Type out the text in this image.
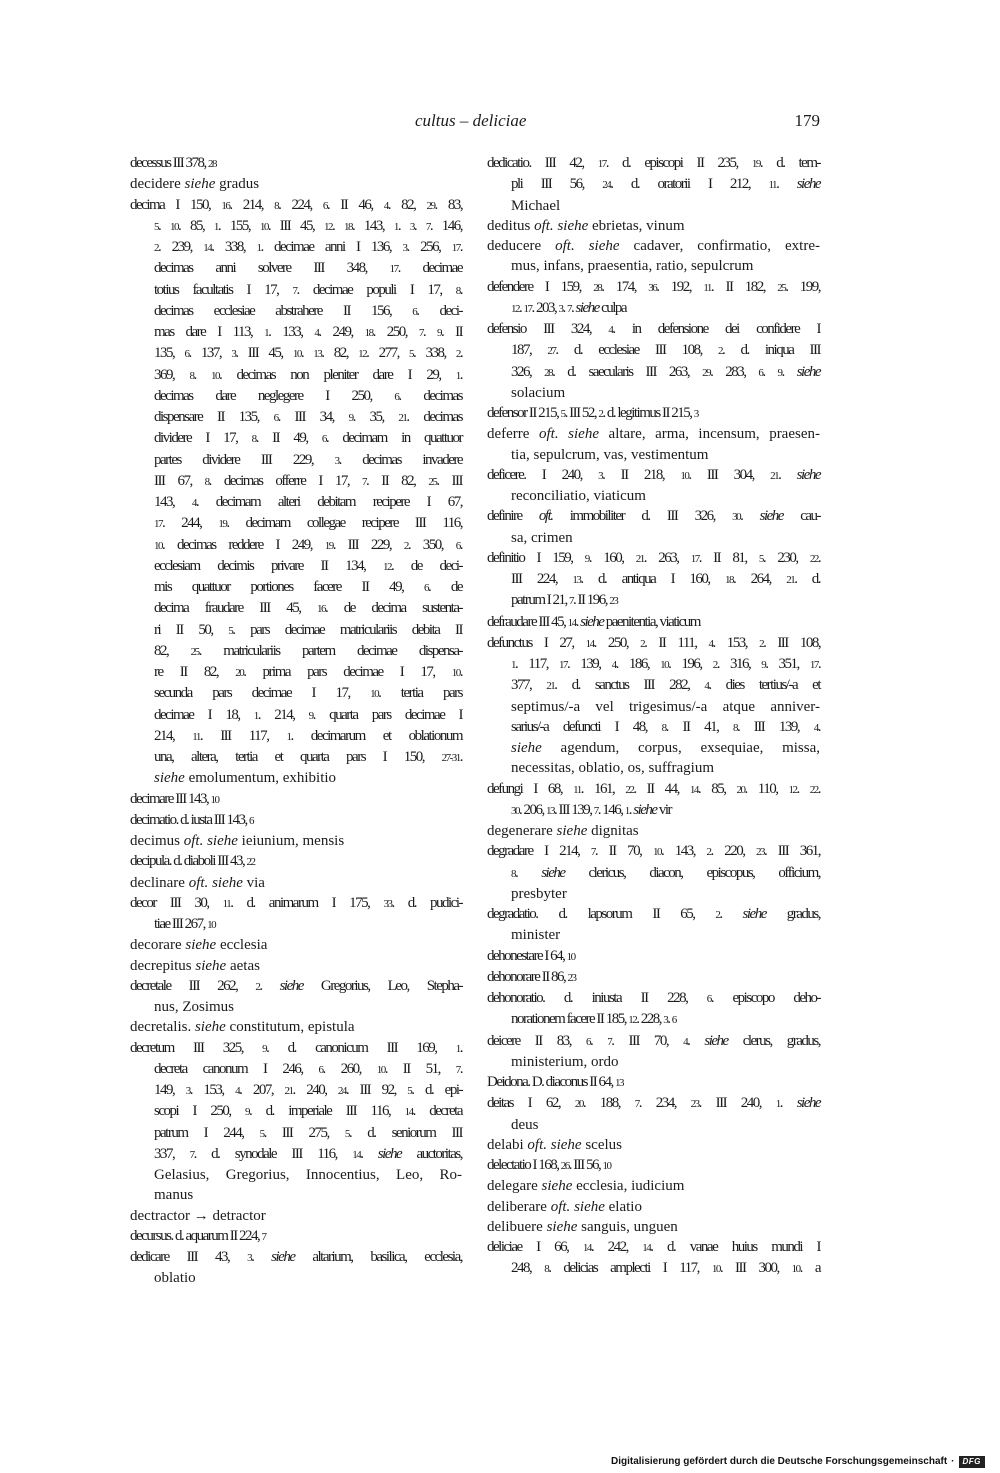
cultus – deliciae	179
decessus III 378, 28
decidere siehe gradus
decima I 150, 16. 214, 8. 224, 6. II 46, 4. 82, 29. 83,
5. 10. 85, 1. 155, 10. III 45, 12. 18. 143, 1. 3. 7. 146,
2. 239, 14. 338, 1. decimae anni I 136, 3. 256, 17.
decimas anni solvere III 348, 17. decimae
totius facultatis I 17, 7. decimae populi I 17, 8.
decimas ecclesiae abstrahere II 156, 6. deci-
mas dare I 113, 1. 133, 4. 249, 18. 250, 7. 9. II
135, 6. 137, 3. III 45, 10. 13. 82, 12. 277, 5. 338, 2.
369, 8. 10. decimas non pleniter dare I 29, 1.
decimas dare neglegere I 250, 6. decimas
dispensare II 135, 6. III 34, 9. 35, 21. decimas
dividere I 17, 8. II 49, 6. decimam in quattuor
partes dividere III 229, 3. decimas invadere
III 67, 8. decimas offerre I 17, 7. II 82, 25. III
143, 4. decimam alteri debitam recipere I 67,
17. 244, 19. decimam collegae recipere III 116,
10. decimas reddere I 249, 19. III 229, 2. 350, 6.
ecclesiam decimis privare II 134, 12. de deci-
mis quattuor portiones facere II 49, 6. de
decima fraudare III 45, 16. de decima sustenta-
ri II 50, 5. pars decimae matriculariis debita II
82, 25. matriculariis partem decimae dispensa-
re II 82, 20. prima pars decimae I 17, 10.
secunda pars decimae I 17, 10. tertia pars
decimae I 18, 1. 214, 9. quarta pars decimae I
214, 11. III 117, 1. decimarum et oblationum
una, altera, tertia et quarta pars I 150, 27-31.
siehe emolumentum, exhibitio
decimare III 143, 10
decimatio. d. iusta III 143, 6
decimus oft. siehe ieiunium, mensis
decipula. d. diaboli III 43, 22
declinare oft. siehe via
decor III 30, 11. d. animarum I 175, 33. d. pudici-
tiae III 267, 10
decorare siehe ecclesia
decrepitus siehe aetas
decretale III 262, 2. siehe Gregorius, Leo, Stepha-
nus, Zosimus
decretalis. siehe constitutum, epistula
decretum III 325, 9. d. canonicum III 169, 1.
decreta canonum I 246, 6. 260, 10. II 51, 7.
149, 3. 153, 4. 207, 21. 240, 24. III 92, 5. d. epi-
scopi I 250, 9. d. imperiale III 116, 14. decreta
patrum I 244, 5. III 275, 5. d. seniorum III
337, 7. d. synodale III 116, 14. siehe auctoritas,
Gelasius, Gregorius, Innocentius, Leo, Ro-
manus
dectractor → detractor
decursus. d. aquarum II 224, 7
dedicare III 43, 3. siehe altarium, basilica, ecclesia,
oblatio
dedicatio. III 42, 17. d. episcopi II 235, 19. d. tem-
pli III 56, 24. d. oratorii I 212, 11. siehe
Michael
deditus oft. siehe ebrietas, vinum
deducere oft. siehe cadaver, confirmatio, extre-
mus, infans, praesentia, ratio, sepulcrum
defendere I 159, 28. 174, 36. 192, 11. II 182, 25. 199,
12. 17. 203, 3. 7. siehe culpa
defensio III 324, 4. in defensione dei confidere I
187, 27. d. ecclesiae III 108, 2. d. iniqua III
326, 28. d. saecularis III 263, 29. 283, 6. 9. siehe
solacium
defensor II 215, 5. III 52, 2. d. legitimus II 215, 3
deferre oft. siehe altare, arma, incensum, praesen-
tia, sepulcrum, vas, vestimentum
deficere. I 240, 3. II 218, 10. III 304, 21. siehe
reconciliatio, viaticum
definire oft. immobiliter d. III 326, 30. siehe cau-
sa, crimen
definitio I 159, 9. 160, 21. 263, 17. II 81, 5. 230, 22.
III 224, 13. d. antiqua I 160, 18. 264, 21. d.
patrum I 21, 7. II 196, 23
defraudare III 45, 14. siehe paenitentia, viaticum
defunctus I 27, 14. 250, 2. II 111, 4. 153, 2. III 108,
1. 117, 17. 139, 4. 186, 10. 196, 2. 316, 9. 351, 17.
377, 21. d. sanctus III 282, 4. dies tertius/-a et
septimus/-a vel trigesimus/-a atque anniver-
sarius/-a defuncti I 48, 8. II 41, 8. III 139, 4.
siehe agendum, corpus, exsequiae, missa,
necessitas, oblatio, os, suffragium
defungi I 68, 11. 161, 22. II 44, 14. 85, 20. 110, 12. 22.
30. 206, 13. III 139, 7. 146, 1. siehe vir
degenerare siehe dignitas
degradare I 214, 7. II 70, 10. 143, 2. 220, 23. III 361,
8. siehe clericus, diacon, episcopus, officium,
presbyter
degradatio. d. lapsorum II 65, 2. siehe gradus,
minister
dehonestare I 64, 10
dehonorare II 86, 23
dehonoratio. d. iniusta II 228, 6. episcopo deho-
norationem facere II 185, 12. 228, 3. 6
deicere II 83, 6. 7. III 70, 4. siehe clerus, gradus,
ministerium, ordo
Deidona. D. diaconus II 64, 13
deitas I 62, 20. 188, 7. 234, 23. III 240, 1. siehe
deus
delabi oft. siehe scelus
delectatio I 168, 26. III 56, 10
delegare siehe ecclesia, iudicium
deliberare oft. siehe elatio
delibuere siehe sanguis, unguen
deliciae I 66, 14. 242, 14. d. vanae huius mundi I
248, 8. delicias amplecti I 117, 10. III 300, 10. a
Digitalisierung gefördert durch die Deutsche Forschungsgemeinschaft ·	DFG
